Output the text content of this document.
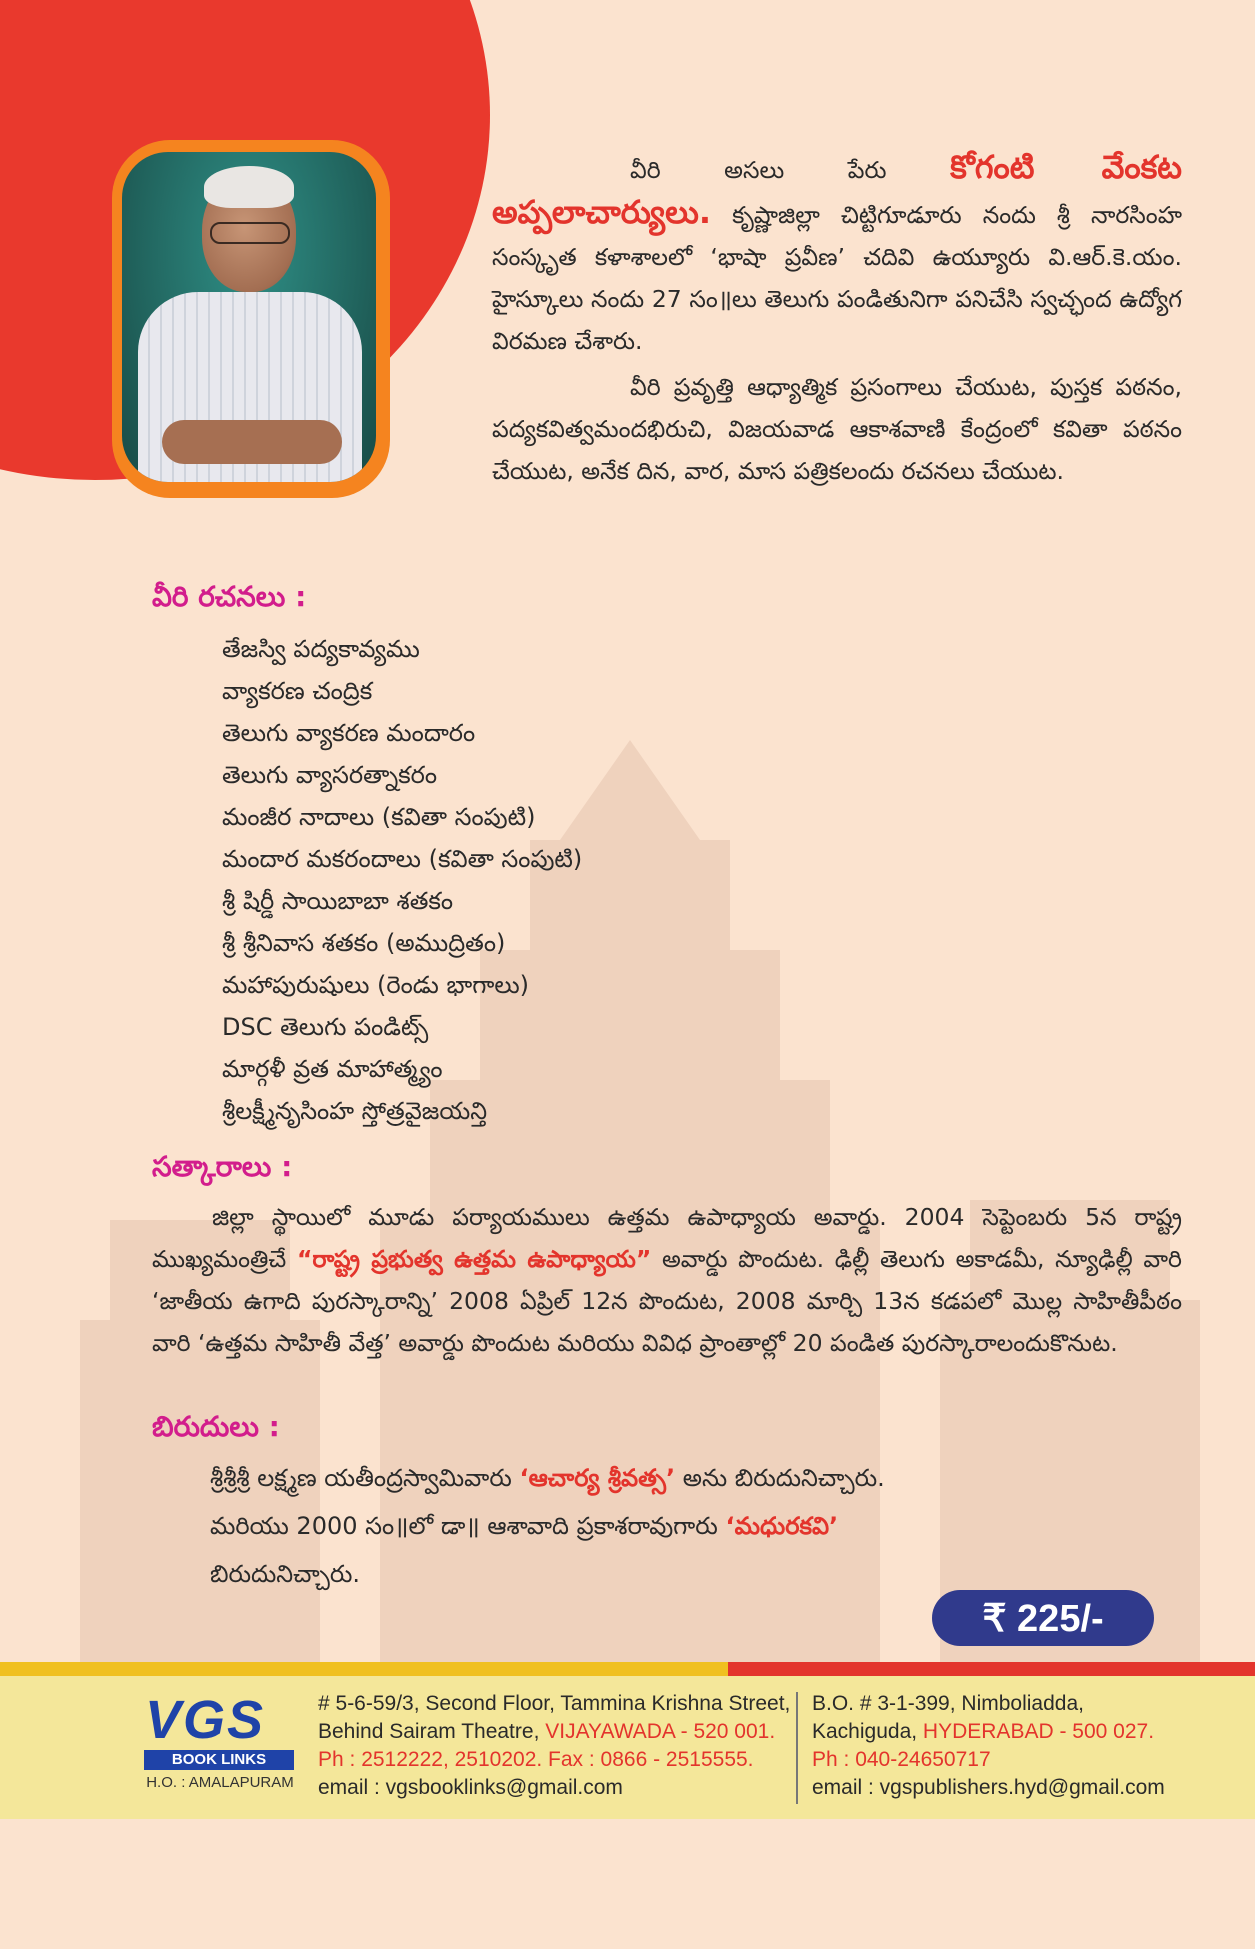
వీరి అసలు పేరు కోగంటి వేంకట అప్పలాచార్యులు. కృష్ణాజిల్లా చిట్టిగూడూరు నందు శ్రీ నారసింహ సంస్కృత కళాశాలలో ‘భాషా ప్రవీణ’ చదివి ఉయ్యూరు వి.ఆర్.కె.యం. హైస్కూలు నందు 27 సం॥లు తెలుగు పండితునిగా పనిచేసి స్వచ్ఛంద ఉద్యోగ విరమణ చేశారు.

వీరి ప్రవృత్తి ఆధ్యాత్మిక ప్రసంగాలు చేయుట, పుస్తక పఠనం, పద్యకవిత్వమందభిరుచి, విజయవాడ ఆకాశవాణి కేంద్రంలో కవితా పఠనం చేయుట, అనేక దిన, వార, మాస పత్రికలందు రచనలు చేయుట.

వీరి రచనలు :
తేజస్వి పద్యకావ్యము
వ్యాకరణ చంద్రిక
తెలుగు వ్యాకరణ మందారం
తెలుగు వ్యాసరత్నాకరం
మంజీర నాదాలు (కవితా సంపుటి)
మందార మకరందాలు (కవితా సంపుటి)
శ్రీ షిర్డీ సాయిబాబా శతకం
శ్రీ శ్రీనివాస శతకం (అముద్రితం)
మహాపురుషులు (రెండు భాగాలు)
DSC తెలుగు పండిట్స్
మార్గళీ వ్రత మాహాత్మ్యం
శ్రీలక్ష్మీనృసింహ స్తోత్రవైజయన్తి
సత్కారాలు :
జిల్లా స్థాయిలో మూడు పర్యాయములు ఉత్తమ ఉపాధ్యాయ అవార్డు. 2004 సెప్టెంబరు 5న రాష్ట్ర ముఖ్యమంత్రిచే “రాష్ట్ర ప్రభుత్వ ఉత్తమ ఉపాధ్యాయ” అవార్డు పొందుట. ఢిల్లీ తెలుగు అకాడమీ, న్యూఢిల్లీ వారి ‘జాతీయ ఉగాది పురస్కారాన్ని’ 2008 ఏప్రిల్ 12న పొందుట, 2008 మార్చి 13న కడపలో మొల్ల సాహితీపీఠం వారి ‘ఉత్తమ సాహితీ వేత్త’ అవార్డు పొందుట మరియు వివిధ ప్రాంతాల్లో 20 పండిత పురస్కారాలందుకొనుట.
బిరుదులు :
శ్రీశ్రీశ్రీ లక్ష్మణ యతీంద్రస్వామివారు ‘ఆచార్య శ్రీవత్స’ అను బిరుదునిచ్చారు.
మరియు 2000 సం॥లో డా॥ ఆశావాది ప్రకాశరావుగారు ‘మధురకవి’
బిరుదునిచ్చారు.
₹ 225/-
VGS
BOOK LINKS
H.O. : AMALAPURAM
# 5-6-59/3, Second Floor, Tammina Krishna Street,
Behind Sairam Theatre, VIJAYAWADA - 520 001.
Ph : 2512222, 2510202. Fax : 0866 - 2515555.
email : vgsbooklinks@gmail.com
B.O. # 3-1-399, Nimboliadda,
Kachiguda, HYDERABAD - 500 027.
Ph : 040-24650717
email : vgspublishers.hyd@gmail.com
